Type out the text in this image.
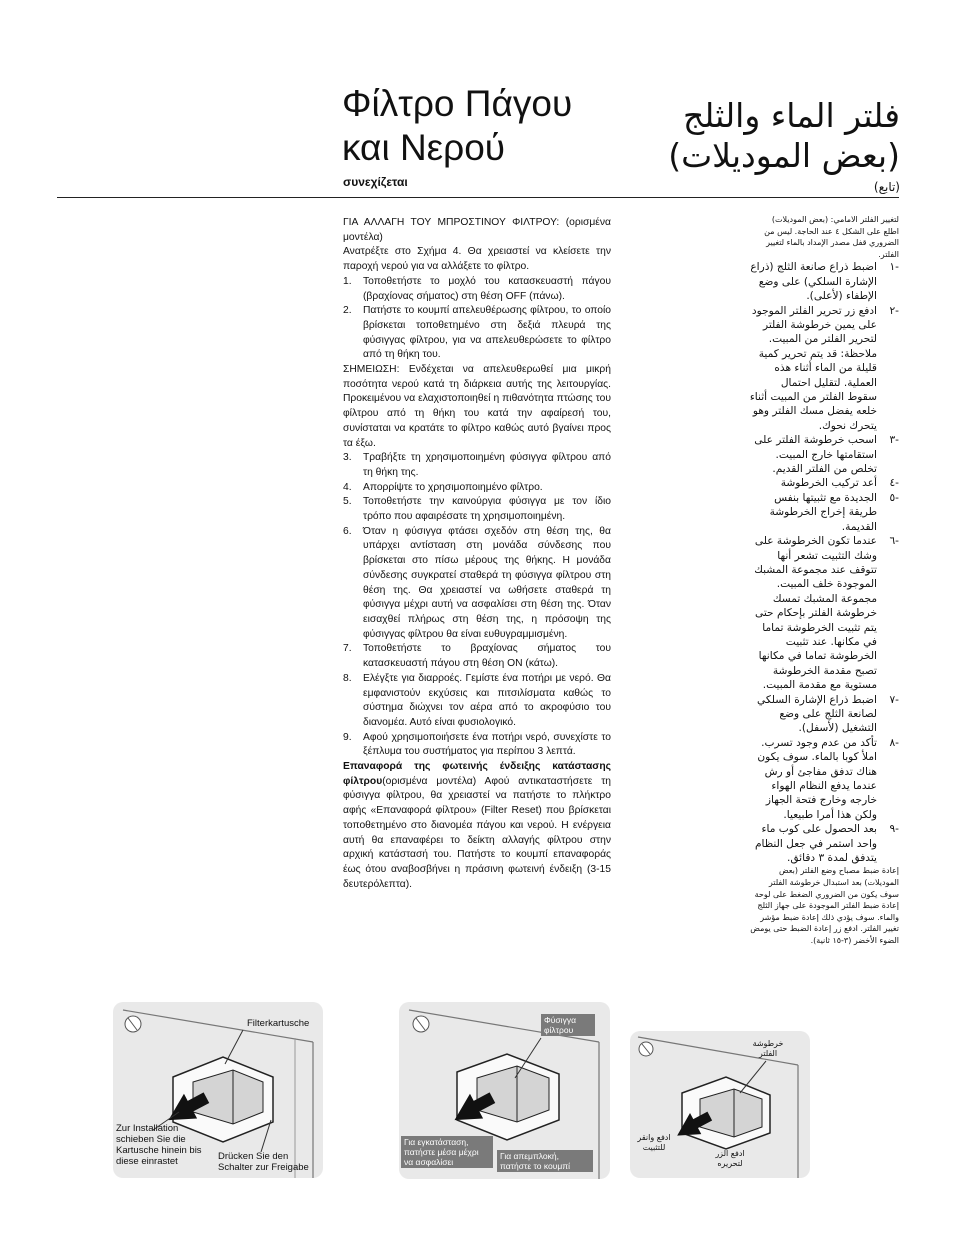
Φίλτρο Πάγου
και Νερού
συνεχίζεται
فلتر الماء والثلج
(بعض الموديلات)
(تابع)

ΓΙΑ ΑΛΛΑΓΗ ΤΟΥ ΜΠΡΟΣΤΙΝΟΥ ΦΙΛΤΡΟΥ: (ορισμένα μοντέλα)

Ανατρέξτε στο Σχήμα 4. Θα χρειαστεί να κλείσετε την παροχή νερού για να αλλάξετε το φίλτρο.

1. Τοποθετήστε το μοχλό του κατασκευαστή πάγου (βραχίονας σήματος) στη θέση OFF (πάνω).
2. Πατήστε το κουμπί απελευθέρωσης φίλτρου, το οποίο βρίσκεται τοποθετημένο στη δεξιά πλευρά της φύσιγγας φίλτρου, για να απελευθερώσετε το φίλτρο από τη θήκη του.

ΣΗΜΕΙΩΣΗ: Ενδέχεται να απελευθερωθεί μια μικρή ποσότητα νερού κατά τη διάρκεια αυτής της λειτουργίας. Προκειμένου να ελαχιστοποιηθεί η πιθανότητα πτώσης του φίλτρου από τη θήκη του κατά την αφαίρεσή του, συνίσταται να κρατάτε το φίλτρο καθώς αυτό βγαίνει προς τα έξω.

3. Τραβήξτε τη χρησιμοποιημένη φύσιγγα φίλτρου από τη θήκη της.
4. Απορρίψτε το χρησιμοποιημένο φίλτρο.
5. Τοποθετήστε την καινούργια φύσιγγα με τον ίδιο τρόπο που αφαιρέσατε τη χρησιμοποιημένη.
6. Όταν η φύσιγγα φτάσει σχεδόν στη θέση της, θα υπάρχει αντίσταση στη μονάδα σύνδεσης που βρίσκεται στο πίσω μέρους της θήκης. Η μονάδα σύνδεσης συγκρατεί σταθερά τη φύσιγγα φίλτρου στη θέση της. Θα χρειαστεί να ωθήσετε σταθερά τη φύσιγγα μέχρι αυτή να ασφαλίσει στη θέση της. Όταν εισαχθεί πλήρως στη θέση της, η πρόσοψη της φύσιγγας φίλτρου θα είναι ευθυγραμμισμένη.
7. Τοποθετήστε το βραχίονας σήματος του κατασκευαστή πάγου στη θέση ON (κάτω).
8. Ελέγξτε για διαρροές. Γεμίστε ένα ποτήρι με νερό. Θα εμφανιστούν εκχύσεις και πιτσιλίσματα καθώς το σύστημα διώχνει τον αέρα από το ακροφύσιο του διανομέα. Αυτό είναι φυσιολογικό.
9. Αφού χρησιμοποιήσετε ένα ποτήρι νερό, συνεχίστε το ξέπλυμα του συστήματος για περίπου 3 λεπτά.

Επαναφορά της φωτεινής ένδειξης κατάστασης φίλτρου(ορισμένα μοντέλα) Αφού αντικαταστήσετε τη φύσιγγα φίλτρου, θα χρειαστεί να πατήστε το πλήκτρο αφής «Επαναφορά φίλτρου» (Filter Reset) που βρίσκεται τοποθετημένο στο διανομέα πάγου και νερού. Η ενέργεια αυτή θα επαναφέρει το δείκτη αλλαγής φίλτρου στην αρχική κατάστασή του. Πατήστε το κουμπί επαναφοράς έως ότου αναβοσβήνει η πράσινη φωτεινή ένδειξη (3-15 δευτερόλεπτα).

لتغيير الفلتر الامامي: (بعض الموديلات)

اطلع على الشكل ٤ عند الحاجة. ليس من الضروري قفل مصدر الإمداد بالماء لتغيير الفلتر.

-١
اضبط ذراع صانعة الثلج (ذراع الإشارة السلكي) على وضع الإطفاء (لأعلى).
-٢
ادفع زر تحرير الفلتر الموجود على يمين خرطوشة الفلتر لتحرير الفلتر من المبيت. ملاحظة: قد يتم تحرير كمية قليلة من الماء أثناء هذه العملية. لتقليل احتمال سقوط الفلتر من المبيت أثناء خلعه يفضل مسك الفلتر وهو يتحرك نحوك.
-٣
اسحب خرطوشة الفلتر على استقامتها خارج المبيت. تخلص من الفلتر القديم.
-٤
أعد تركيب الخرطوشة
-٥
الجديدة مع تثبيتها بنفس طريقة إخراج الخرطوشة القديمة.
-٦
عندما تكون الخرطوشة على وشك التثبيت تشعر أنها تتوقف عند مجموعة المشبك الموجودة خلف المبيت. مجموعة المشبك تمسك خرطوشة الفلتر بإحكام حتى يتم تثبيت الخرطوشة تماما في مكانها. عند تثبيت الخرطوشة تماما في مكانها تصبح مقدمة الخرطوشة مستوية مع مقدمة المبيت.
-٧
اضبط ذراع الإشارة السلكي لصانعة الثلج على وضع التشغيل (لأسفل).
-٨
تأكد من عدم وجود تسرب. املأ كوبا بالماء. سوف يكون هناك تدفق مفاجئ أو رش عندما يدفع النظام الهواء خارجه وخارج فتحة الجهاز ولكن هذا أمرا طبيعيا.
-٩
بعد الحصول على كوب ماء واحد استمر في جعل النظام يتدفق لمدة ٣ دقائق.

إعادة ضبط مصباح وضع الفلتر (بعض الموديلات) بعد استبدال خرطوشة الفلتر سوف يكون من الضروري الضغط على لوحة إعادة ضبط الفلتر الموجودة على جهاز الثلج والماء. سوف يؤدي ذلك إعادة ضبط مؤشر تغيير الفلتر. ادفع زر إعادة الضبط حتى يومض الضوء الأخضر (٣-١٥ ثانية).

Filterkartusche
Zur Installation schieben Sie die Kartusche hinein bis diese einrastet	Drücken Sie den Schalter zur Freigabe
Φύσιγγα φίλτρου
Για εγκατάσταση, πατήστε μέσα μέχρι να ασφαλίσει
Για απεμπλοκή, πατήστε το κουμπί
خرطوشة الفلتر
ادفع وانقر للتثبيت
ادفع الزر لتحريره
